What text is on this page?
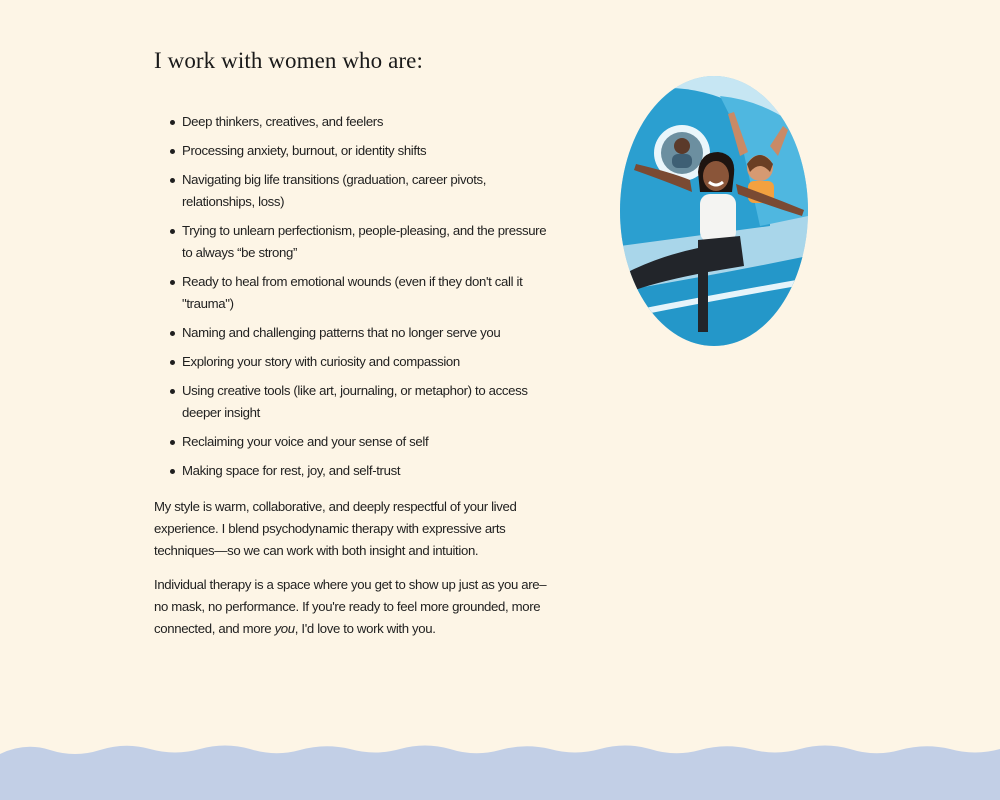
I work with women who are:
Deep thinkers, creatives, and feelers
Processing anxiety, burnout, or identity shifts
Navigating big life transitions (graduation, career pivots, relationships, loss)
Trying to unlearn perfectionism, people-pleasing, and the pressure to always “be strong”
Ready to heal from emotional wounds (even if they don't call it "trauma")
Naming and challenging patterns that no longer serve you
Exploring your story with curiosity and compassion
Using creative tools (like art, journaling, or metaphor) to access deeper insight
Reclaiming your voice and your sense of self
Making space for rest, joy, and self-trust

My style is warm, collaborative, and deeply respectful of your lived experience. I blend psychodynamic therapy with expressive arts techniques—so we can work with both insight and intuition.

Individual therapy is a space where you get to show up just as you are– no mask, no performance. If you're ready to feel more grounded, more connected, and more you, I'd love to work with you.
